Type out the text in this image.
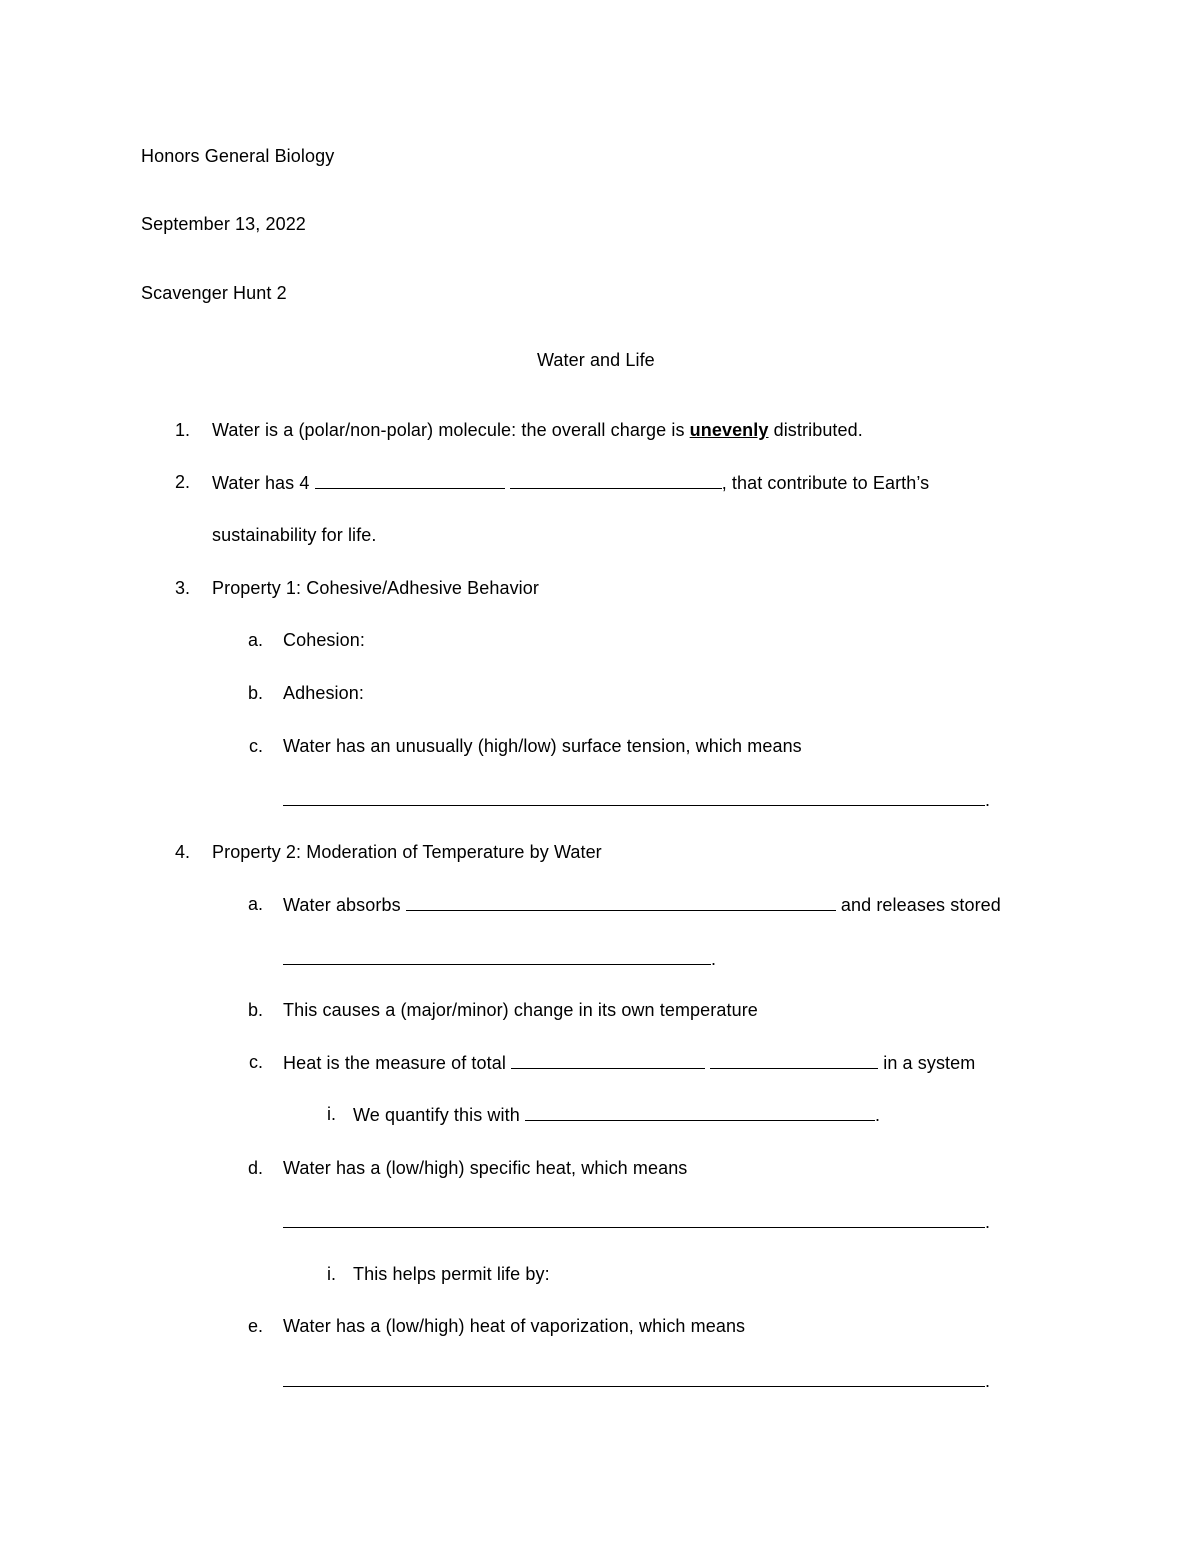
Honors General Biology
September 13, 2022
Scavenger Hunt 2
Water and Life
1. Water is a (polar/non-polar) molecule: the overall charge is unevenly distributed.
2. Water has 4	, that contribute to Earth’s
sustainability for life.
3. Property 1: Cohesive/Adhesive Behavior
a. Cohesion:
b. Adhesion:
c. Water has an unusually (high/low) surface tension, which means
.
4. Property 2: Moderation of Temperature by Water
a. Water absorbs	and releases stored
.
b. This causes a (major/minor) change in its own temperature
c. Heat is the measure of total	in a system
i. We quantify this with	.
d. Water has a (low/high) specific heat, which means
.
i. This helps permit life by:
e. Water has a (low/high) heat of vaporization, which means
.
